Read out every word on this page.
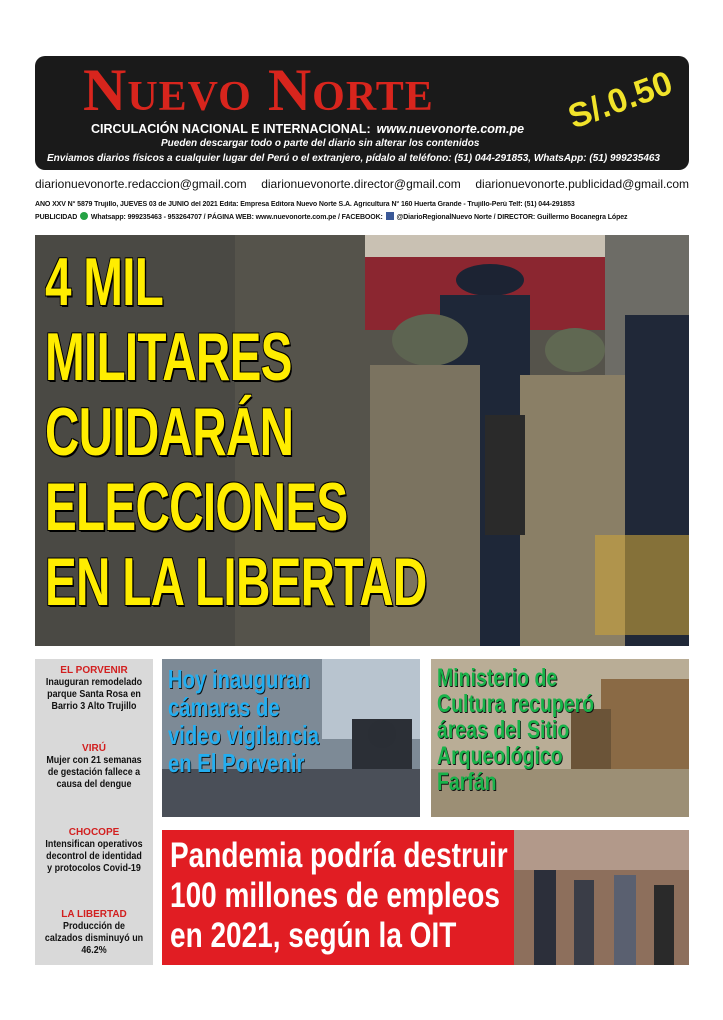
Nuevo Norte
CIRCULACIÓN NACIONAL E INTERNACIONAL: www.nuevonorte.com.pe
Pueden descargar todo o parte del diario sin alterar los contenidos
Enviamos diarios físicos a cualquier lugar del Perú o el extranjero, pídalo al teléfono: (51) 044-291853, WhatsApp: (51) 999235463
S/.0.50
diarionuevonorte.redaccion@gmail.com diarionuevonorte.director@gmail.com diarionuevonorte.publicidad@gmail.com
AÑO XXV N° 5879 Trujillo, JUEVES 03 de JUNIO del 2021 Edita: Empresa Editora Nuevo Norte S.A. Agricultura N° 160 Huerta Grande - Trujillo-Perú Telf: (51) 044-291853
PUBLICIDAD Whatsapp: 999235463 - 953264707 / PÁGINA WEB: www.nuevonorte.com.pe / FACEBOOK: @DiarioRegionalNuevo Norte / DIRECTOR: Guillermo Bocanegra López
4 MIL
MILITARES
CUIDARÁN
ELECCIONES
EN LA LIBERTAD
EL PORVENIR
Inauguran remodelado parque Santa Rosa en Barrio 3 Alto Trujillo
VIRÚ
Mujer con 21 semanas de gestación fallece a causa del dengue
CHOCOPE
Intensifican operativos decontrol de identidad y protocolos Covid-19
LA LIBERTAD
Producción de calzados disminuyó un 46.2%
Hoy inauguran
cámaras de
video vigilancia
en El Porvenir
Ministerio de
Cultura recuperó
áreas del Sitio
Arqueológico
Farfán
Pandemia podría destruir
100 millones de empleos
en 2021, según la OIT
